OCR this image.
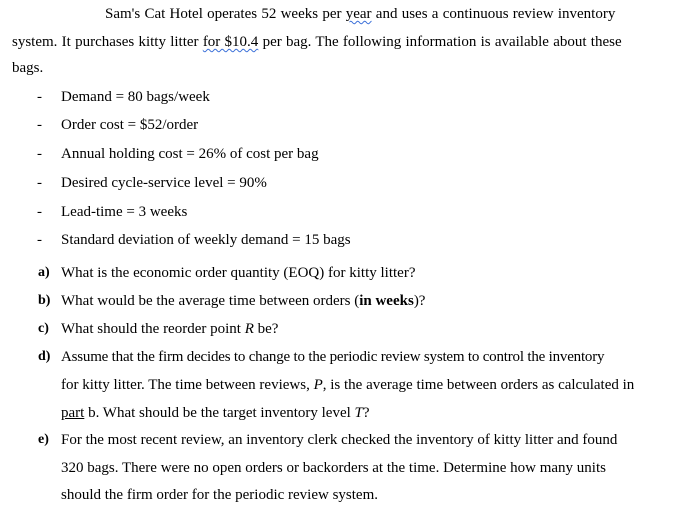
Sam's Cat Hotel operates 52 weeks per year and uses a continuous review inventory
system. It purchases kitty litter for $10.4 per bag. The following information is available about these
bags.
- Demand = 80 bags/week
- Order cost = $52/order
- Annual holding cost = 26% of cost per bag
- Desired cycle-service level = 90%
- Lead-time = 3 weeks
- Standard deviation of weekly demand = 15 bags
a) What is the economic order quantity (EOQ) for kitty litter?
b) What would be the average time between orders (in weeks)?
c) What should the reorder point R be?
d) Assume that the firm decides to change to the periodic review system to control the inventory
for kitty litter. The time between reviews, P, is the average time between orders as calculated in
part b. What should be the target inventory level T?
e) For the most recent review, an inventory clerk checked the inventory of kitty litter and found
320 bags. There were no open orders or backorders at the time. Determine how many units
should the firm order for the periodic review system.
